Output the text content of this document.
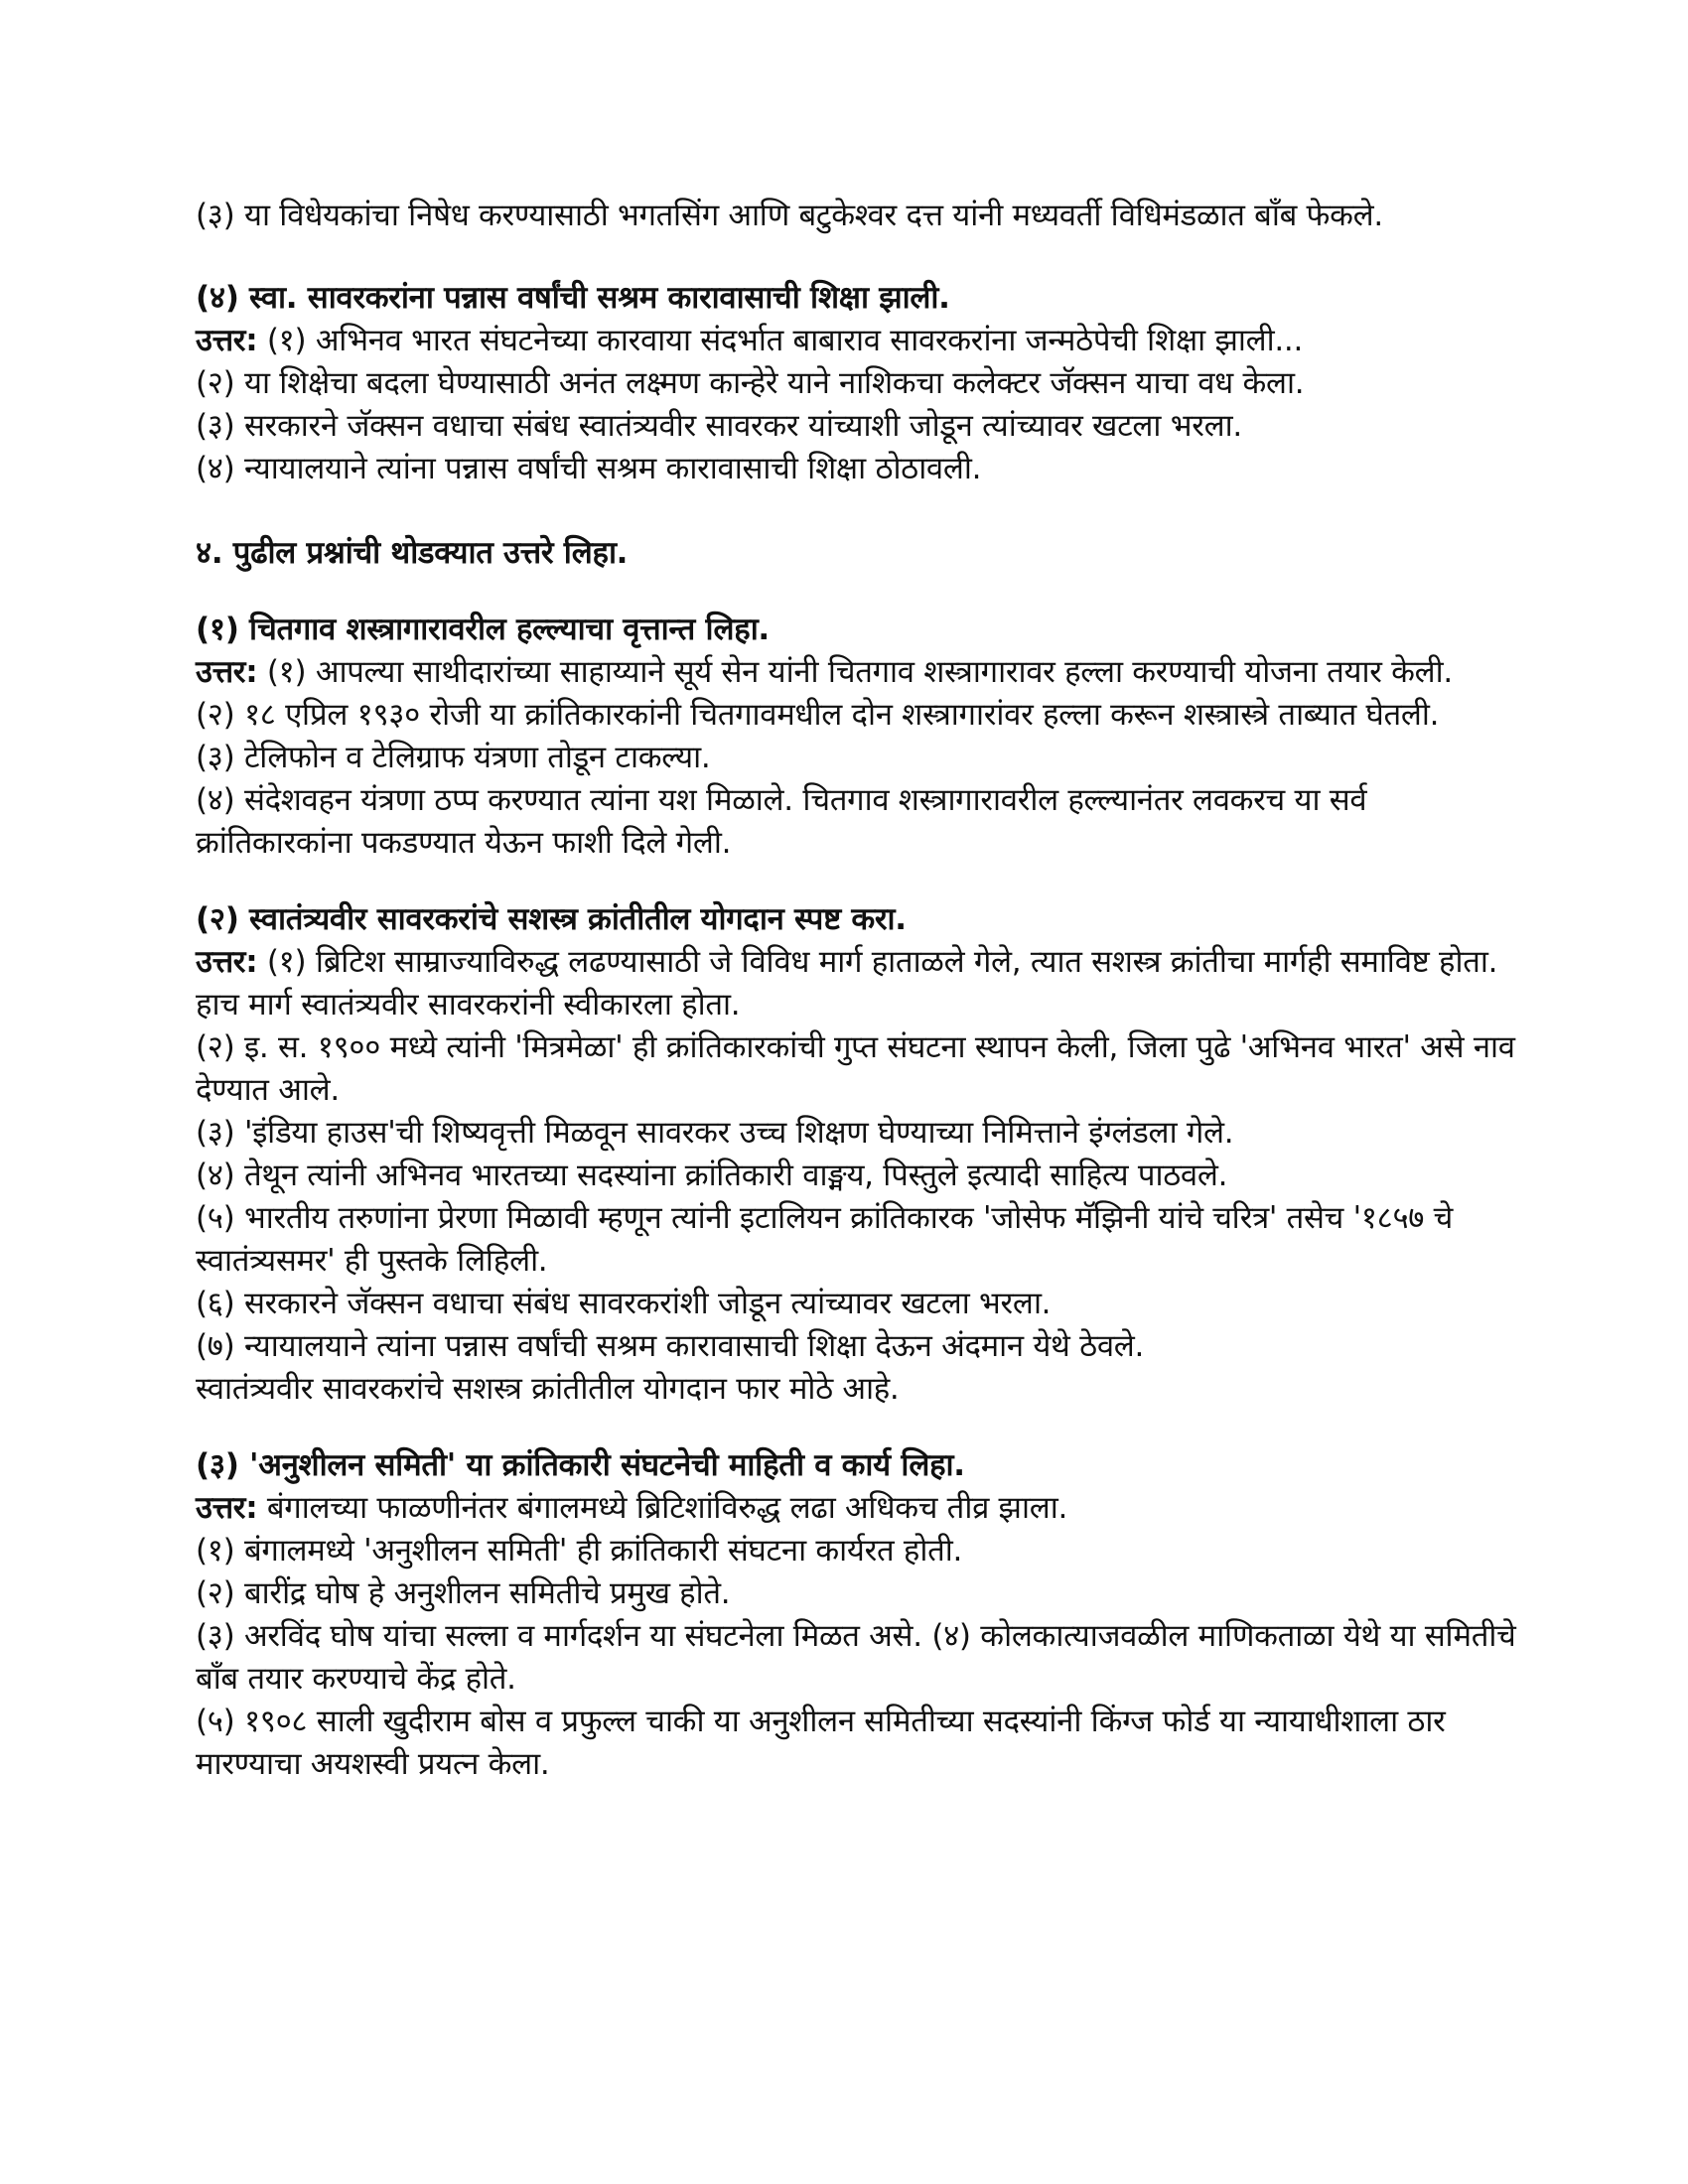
(३) या विधेयकांचा निषेध करण्यासाठी भगतसिंग आणि बटुकेश्वर दत्त यांनी मध्यवर्ती विधिमंडळात बॉंब फेकले.

(४) स्वा. सावरकरांना पन्नास वर्षांची सश्रम कारावासाची शिक्षा झाली.

उत्तर: (१) अभिनव भारत संघटनेच्या कारवाया संदर्भात बाबाराव सावरकरांना जन्मठेपेची शिक्षा झाली...

(२) या शिक्षेचा बदला घेण्यासाठी अनंत लक्ष्मण कान्हेरे याने नाशिकचा कलेक्टर जॅक्सन याचा वध केला.

(३) सरकारने जॅक्सन वधाचा संबंध स्वातंत्र्यवीर सावरकर यांच्याशी जोडून त्यांच्यावर खटला भरला.

(४) न्यायालयाने त्यांना पन्नास वर्षांची सश्रम कारावासाची शिक्षा ठोठावली.

४. पुढील प्रश्नांची थोडक्यात उत्तरे लिहा.

(१) चितगाव शस्त्रागारावरील हल्ल्याचा वृत्तान्त लिहा.

उत्तर: (१) आपल्या साथीदारांच्या साहाय्याने सूर्य सेन यांनी चितगाव शस्त्रागारावर हल्ला करण्याची योजना तयार केली.

(२) १८ एप्रिल १९३० रोजी या क्रांतिकारकांनी चितगावमधील दोन शस्त्रागारांवर हल्ला करून शस्त्रास्त्रे ताब्यात घेतली.

(३) टेलिफोन व टेलिग्राफ यंत्रणा तोडून टाकल्या.

(४) संदेशवहन यंत्रणा ठप्प करण्यात त्यांना यश मिळाले. चितगाव शस्त्रागारावरील हल्ल्यानंतर लवकरच या सर्व क्रांतिकारकांना पकडण्यात येऊन फाशी दिले गेली.

(२) स्वातंत्र्यवीर सावरकरांचे सशस्त्र क्रांतीतील योगदान स्पष्ट करा.

उत्तर: (१) ब्रिटिश साम्राज्याविरुद्ध लढण्यासाठी जे विविध मार्ग हाताळले गेले, त्यात सशस्त्र क्रांतीचा मार्गही समाविष्ट होता. हाच मार्ग स्वातंत्र्यवीर सावरकरांनी स्वीकारला होता.

(२) इ. स. १९०० मध्ये त्यांनी 'मित्रमेळा' ही क्रांतिकारकांची गुप्त संघटना स्थापन केली, जिला पुढे 'अभिनव भारत' असे नाव देण्यात आले.

(३) 'इंडिया हाउस'ची शिष्यवृत्ती मिळवून सावरकर उच्च शिक्षण घेण्याच्या निमित्ताने इंग्लंडला गेले.

(४) तेथून त्यांनी अभिनव भारतच्या सदस्यांना क्रांतिकारी वाङ्मय, पिस्तुले इत्यादी साहित्य पाठवले.

(५) भारतीय तरुणांना प्रेरणा मिळावी म्हणून त्यांनी इटालियन क्रांतिकारक 'जोसेफ मॅझिनी यांचे चरित्र' तसेच '१८५७ चे स्वातंत्र्यसमर' ही पुस्तके लिहिली.

(६) सरकारने जॅक्सन वधाचा संबंध सावरकरांशी जोडून त्यांच्यावर खटला भरला.

(७) न्यायालयाने त्यांना पन्नास वर्षांची सश्रम कारावासाची शिक्षा देऊन अंदमान येथे ठेवले.

स्वातंत्र्यवीर सावरकरांचे सशस्त्र क्रांतीतील योगदान फार मोठे आहे.

(३) 'अनुशीलन समिती' या क्रांतिकारी संघटनेची माहिती व कार्य लिहा.

उत्तर: बंगालच्या फाळणीनंतर बंगालमध्ये ब्रिटिशांविरुद्ध लढा अधिकच तीव्र झाला.

(१) बंगालमध्ये 'अनुशीलन समिती' ही क्रांतिकारी संघटना कार्यरत होती.

(२) बारींद्र घोष हे अनुशीलन समितीचे प्रमुख होते.

(३) अरविंद घोष यांचा सल्ला व मार्गदर्शन या संघटनेला मिळत असे. (४) कोलकात्याजवळील माणिकताळा येथे या समितीचे बॉंब तयार करण्याचे केंद्र होते.

(५) १९०८ साली खुदीराम बोस व प्रफुल्ल चाकी या अनुशीलन समितीच्या सदस्यांनी किंग्ज फोर्ड या न्यायाधीशाला ठार मारण्याचा अयशस्वी प्रयत्न केला.
